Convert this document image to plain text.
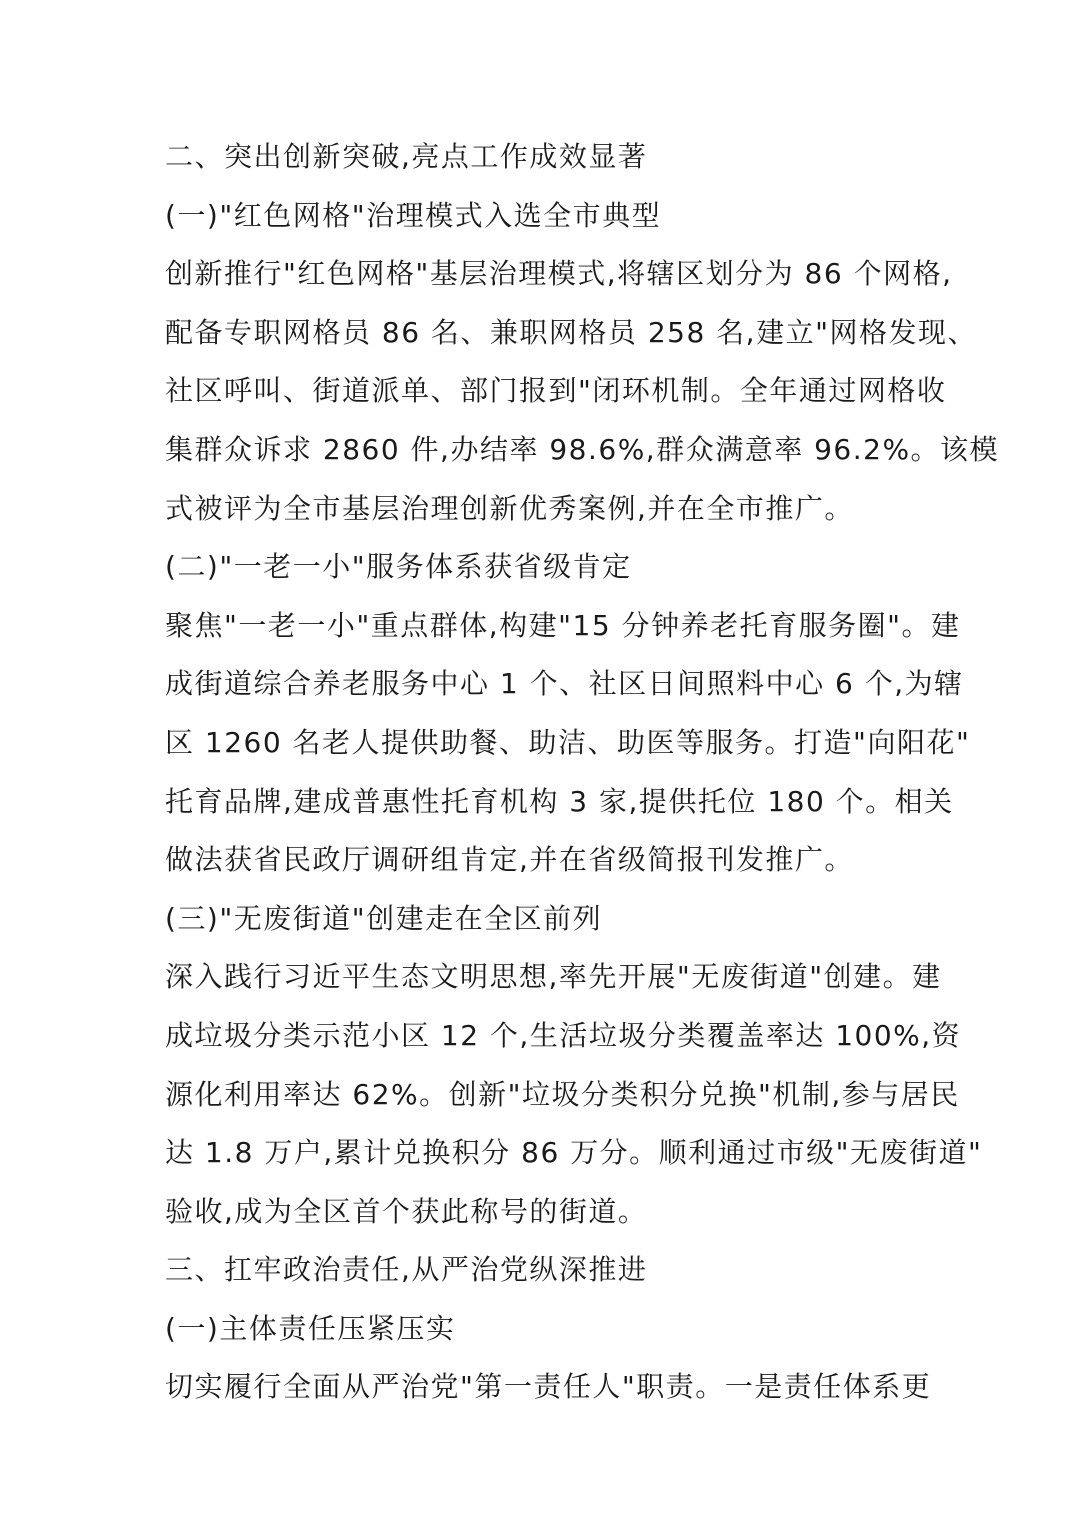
二、突出创新突破,亮点工作成效显著
(一)"红色网格"治理模式入选全市典型
创新推行"红色网格"基层治理模式,将辖区划分为 86 个网格,
配备专职网格员 86 名、兼职网格员 258 名,建立"网格发现、
社区呼叫、街道派单、部门报到"闭环机制。全年通过网格收
集群众诉求 2860 件,办结率 98.6%,群众满意率 96.2%。该模
式被评为全市基层治理创新优秀案例,并在全市推广。
(二)"一老一小"服务体系获省级肯定
聚焦"一老一小"重点群体,构建"15 分钟养老托育服务圈"。建
成街道综合养老服务中心 1 个、社区日间照料中心 6 个,为辖
区 1260 名老人提供助餐、助洁、助医等服务。打造"向阳花"
托育品牌,建成普惠性托育机构 3 家,提供托位 180 个。相关
做法获省民政厅调研组肯定,并在省级简报刊发推广。
(三)"无废街道"创建走在全区前列
深入践行习近平生态文明思想,率先开展"无废街道"创建。建
成垃圾分类示范小区 12 个,生活垃圾分类覆盖率达 100%,资
源化利用率达 62%。创新"垃圾分类积分兑换"机制,参与居民
达 1.8 万户,累计兑换积分 86 万分。顺利通过市级"无废街道"
验收,成为全区首个获此称号的街道。
三、扛牢政治责任,从严治党纵深推进
(一)主体责任压紧压实
切实履行全面从严治党"第一责任人"职责。一是责任体系更
